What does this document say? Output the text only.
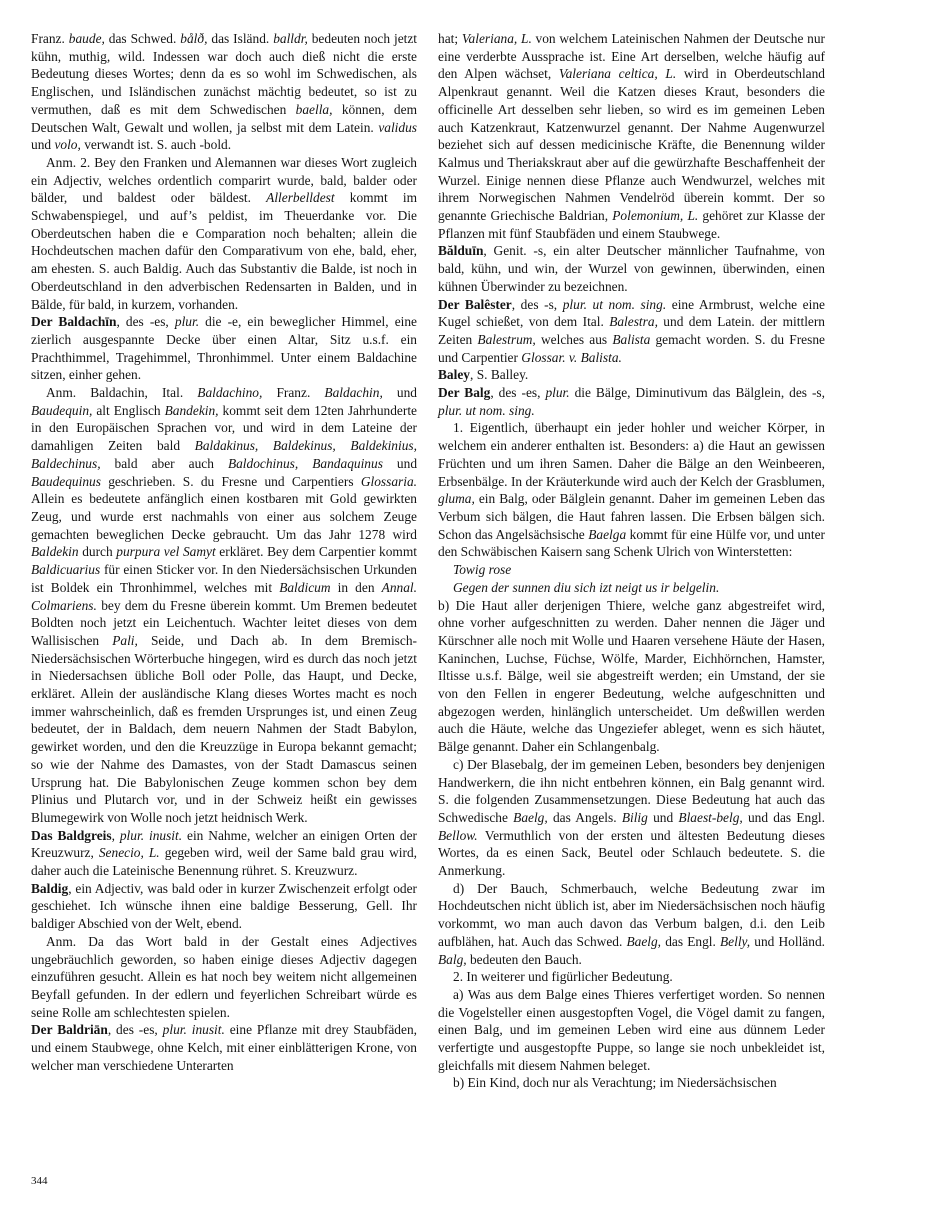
Franz. baude, das Schwed. bålð, das Isländ. balldr, bedeuten noch jetzt kühn, muthig, wild. Indessen war doch auch dieß nicht die erste Bedeutung dieses Wortes; denn da es so wohl im Schwedischen, als Englischen, und Isländischen zunächst mächtig bedeutet, so ist zu vermuthen, daß es mit dem Schwedischen baella, können, dem Deutschen Walt, Gewalt und wollen, ja selbst mit dem Latein. validus und volo, verwandt ist. S. auch -bold.

Anm. 2. Bey den Franken und Alemannen war dieses Wort zugleich ein Adjectiv, welches ordentlich comparirt wurde, bald, balder oder bälder, und baldest oder bäldest. Allerbelldest kommt im Schwabenspiegel, und auf’s peldist, im Theuerdanke vor. Die Oberdeutschen haben die e Comparation noch behalten; allein die Hochdeutschen machen dafür den Comparativum von ehe, bald, eher, am ehesten. S. auch Baldig. Auch das Substantiv die Balde, ist noch in Oberdeutschland in den adverbischen Redensarten in Balden, und in Bälde, für bald, in kurzem, vorhanden.

Der Baldachīn, des -es, plur. die -e, ein beweglicher Himmel, eine zierlich ausgespannte Decke über einen Altar, Sitz u.s.f. ein Prachthimmel, Tragehimmel, Thronhimmel. Unter einem Baldachine sitzen, einher gehen.

Anm. Baldachin, Ital. Baldachino, Franz. Baldachin, und Baudequin, alt Englisch Bandekin, kommt seit dem 12ten Jahrhunderte in den Europäischen Sprachen vor, und wird in dem Lateine der damahligen Zeiten bald Baldakinus, Baldekinus, Baldekinius, Baldechinus, bald aber auch Baldochinus, Bandaquinus und Baudequinus geschrieben. S. du Fresne und Carpentiers Glossaria. Allein es bedeutete anfänglich einen kostbaren mit Gold gewirkten Zeug, und wurde erst nachmahls von einer aus solchem Zeuge gemachten beweglichen Decke gebraucht. Um das Jahr 1278 wird Baldekin durch purpura vel Samyt erkläret. Bey dem Carpentier kommt Baldicuarius für einen Sticker vor. In den Niedersächsischen Urkunden ist Boldek ein Thronhimmel, welches mit Baldicum in den Annal. Colmariens. bey dem du Fresne überein kommt. Um Bremen bedeutet Boldten noch jetzt ein Leichentuch. Wachter leitet dieses von dem Wallisischen Pali, Seide, und Dach ab. In dem Bremisch-Niedersächsischen Wörterbuche hingegen, wird es durch das noch jetzt in Niedersachsen übliche Boll oder Polle, das Haupt, und Decke, erkläret. Allein der ausländische Klang dieses Wortes macht es noch immer wahrscheinlich, daß es fremden Ursprunges ist, und einen Zeug bedeutet, der in Baldach, dem neuern Nahmen der Stadt Babylon, gewirket worden, und den die Kreuzzüge in Europa bekannt gemacht; so wie der Nahme des Damastes, von der Stadt Damascus seinen Ursprung hat. Die Babylonischen Zeuge kommen schon bey dem Plinius und Plutarch vor, und in der Schweiz heißt ein gewisses Blumegewirk von Wolle noch jetzt heidnisch Werk.

Das Baldgreis, plur. inusit. ein Nahme, welcher an einigen Orten der Kreuzwurz, Senecio, L. gegeben wird, weil der Same bald grau wird, daher auch die Lateinische Benennung rühret. S. Kreuzwurz.

Baldig, ein Adjectiv, was bald oder in kurzer Zwischenzeit erfolgt oder geschiehet. Ich wünsche ihnen eine baldige Besserung, Gell. Ihr baldiger Abschied von der Welt, ebend.

Anm. Da das Wort bald in der Gestalt eines Adjectives ungebräuchlich geworden, so haben einige dieses Adjectiv dagegen einzuführen gesucht. Allein es hat noch bey weitem nicht allgemeinen Beyfall gefunden. In der edlern und feyerlichen Schreibart würde es seine Rolle am schlechtesten spielen.

Der Baldriān, des -es, plur. inusit. eine Pflanze mit drey Staubfäden, und einem Staubwege, ohne Kelch, mit einer einblätterigen Krone, von welcher man verschiedene Unterarten

hat; Valeriana, L. von welchem Lateinischen Nahmen der Deutsche nur eine verderbte Aussprache ist. Eine Art derselben, welche häufig auf den Alpen wächset, Valeriana celtica, L. wird in Oberdeutschland Alpenkraut genannt. Weil die Katzen dieses Kraut, besonders die officinelle Art desselben sehr lieben, so wird es im gemeinen Leben auch Katzenkraut, Katzenwurzel genannt. Der Nahme Augenwurzel beziehet sich auf dessen medicinische Kräfte, die Benennung wilder Kalmus und Theriakskraut aber auf die gewürzhafte Beschaffenheit der Wurzel. Einige nennen diese Pflanze auch Wendwurzel, welches mit ihrem Norwegischen Nahmen Vendelröd überein kommt. Der so genannte Griechische Baldrian, Polemonium, L. gehöret zur Klasse der Pflanzen mit fünf Staubfäden und einem Staubwege.

Bălduīn, Genit. -s, ein alter Deutscher männlicher Taufnahme, von bald, kühn, und win, der Wurzel von gewinnen, überwinden, einen kühnen Überwinder zu bezeichnen.

Der Balêster, des -s, plur. ut nom. sing. eine Armbrust, welche eine Kugel schießet, von dem Ital. Balestra, und dem Latein. der mittlern Zeiten Balestrum, welches aus Balista gemacht worden. S. du Fresne und Carpentier Glossar. v. Balista.

Baley, S. Balley.

Der Balg, des -es, plur. die Bälge, Diminutivum das Bälglein, des -s, plur. ut nom. sing.

1. Eigentlich, überhaupt ein jeder hohler und weicher Körper, in welchem ein anderer enthalten ist. Besonders: a) die Haut an gewissen Früchten und um ihren Samen. Daher die Bälge an den Weinbeeren, Erbsenbälge. In der Kräuterkunde wird auch der Kelch der Grasblumen, gluma, ein Balg, oder Bälglein genannt. Daher im gemeinen Leben das Verbum sich bälgen, die Haut fahren lassen. Die Erbsen bälgen sich. Schon das Angelsächsische Baelga kommt für eine Hülfe vor, und unter den Schwäbischen Kaisern sang Schenk Ulrich von Winterstetten:

Towig rose

Gegen der sunnen diu sich izt neigt us ir belgelin.

b) Die Haut aller derjenigen Thiere, welche ganz abgestreifet wird, ohne vorher aufgeschnitten zu werden. Daher nennen die Jäger und Kürschner alle noch mit Wolle und Haaren versehene Häute der Hasen, Kaninchen, Luchse, Füchse, Wölfe, Marder, Eichhörnchen, Hamster, Iltisse u.s.f. Bälge, weil sie abgestreift werden; ein Umstand, der sie von den Fellen in engerer Bedeutung, welche aufgeschnitten und abgezogen werden, hinlänglich unterscheidet. Um deßwillen werden auch die Häute, welche das Ungeziefer ableget, wenn es sich häutet, Bälge genannt. Daher ein Schlangenbalg.

c) Der Blasebalg, der im gemeinen Leben, besonders bey denjenigen Handwerkern, die ihn nicht entbehren können, ein Balg genannt wird. S. die folgenden Zusammensetzungen. Diese Bedeutung hat auch das Schwedische Baelg, das Angels. Bilig und Blaest-belg, und das Engl. Bellow. Vermuthlich von der ersten und ältesten Bedeutung dieses Wortes, da es einen Sack, Beutel oder Schlauch bedeutete. S. die Anmerkung.

d) Der Bauch, Schmerbauch, welche Bedeutung zwar im Hochdeutschen nicht üblich ist, aber im Niedersächsischen noch häufig vorkommt, wo man auch davon das Verbum balgen, d.i. den Leib aufblähen, hat. Auch das Schwed. Baelg, das Engl. Belly, und Holländ. Balg, bedeuten den Bauch.

2. In weiterer und figürlicher Bedeutung.

a) Was aus dem Balge eines Thieres verfertiget worden. So nennen die Vogelsteller einen ausgestopften Vogel, die Vögel damit zu fangen, einen Balg, und im gemeinen Leben wird eine aus dünnem Leder verfertigte und ausgestopfte Puppe, so lange sie noch unbekleidet ist, gleichfalls mit diesem Nahmen beleget.

b) Ein Kind, doch nur als Verachtung; im Niedersächsischen

344
